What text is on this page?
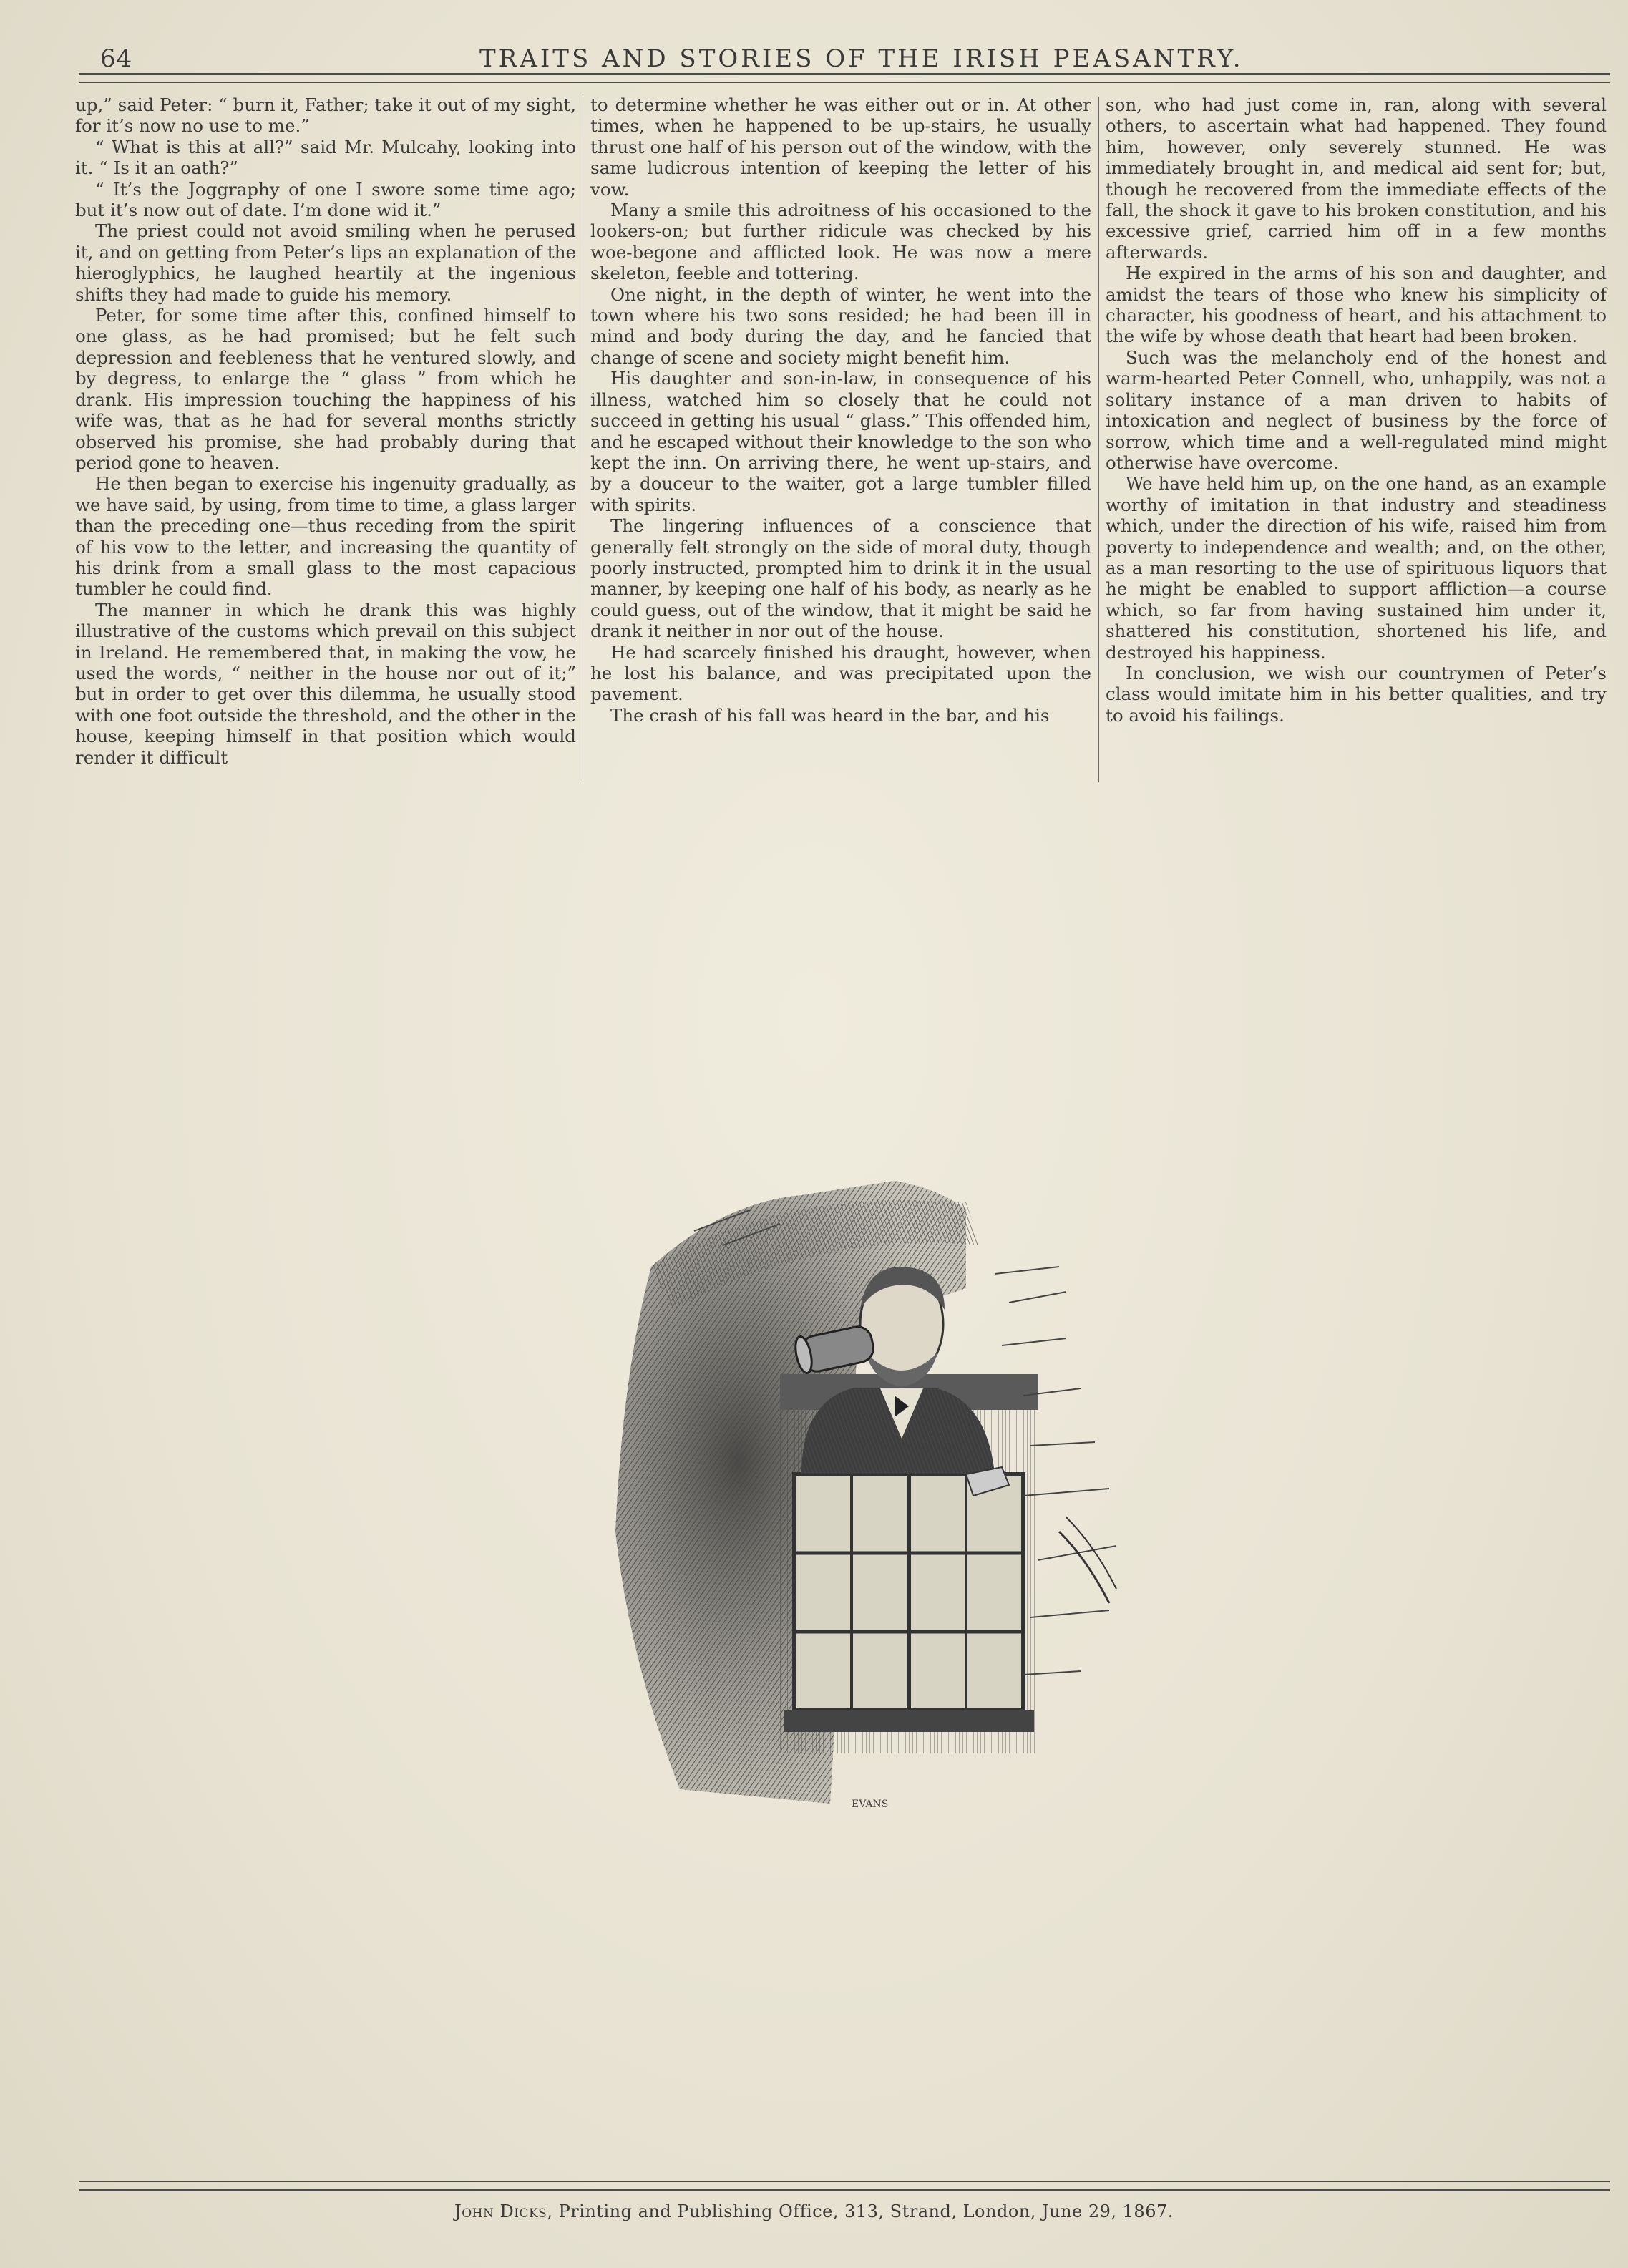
64	TRAITS AND STORIES OF THE IRISH PEASANTRY.

up,” said Peter: “ burn it, Father; take it out of my sight, for it’s now no use to me.”

“ What is this at all?” said Mr. Mulcahy, looking into it. “ Is it an oath?”

“ It’s the Joggraphy of one I swore some time ago; but it’s now out of date. I’m done wid it.”

The priest could not avoid smiling when he perused it, and on getting from Peter’s lips an explanation of the hieroglyphics, he laughed heartily at the ingenious shifts they had made to guide his memory.

Peter, for some time after this, confined himself to one glass, as he had promised; but he felt such depression and feebleness that he ventured slowly, and by degress, to enlarge the “ glass ” from which he drank. His impression touching the happiness of his wife was, that as he had for several months strictly observed his promise, she had probably during that period gone to heaven.

He then began to exercise his ingenuity gradually, as we have said, by using, from time to time, a glass larger than the preceding one—thus receding from the spirit of his vow to the letter, and increasing the quantity of his drink from a small glass to the most capacious tumbler he could find.

The manner in which he drank this was highly illustrative of the customs which prevail on this subject in Ireland. He remembered that, in making the vow, he used the words, “ neither in the house nor out of it;” but in order to get over this dilemma, he usually stood with one foot outside the threshold, and the other in the house, keeping himself in that position which would render it difficult

to determine whether he was either out or in. At other times, when he happened to be up-stairs, he usually thrust one half of his person out of the window, with the same ludicrous intention of keeping the letter of his vow.

Many a smile this adroitness of his occasioned to the lookers-on; but further ridicule was checked by his woe-begone and afflicted look. He was now a mere skeleton, feeble and tottering.

One night, in the depth of winter, he went into the town where his two sons resided; he had been ill in mind and body during the day, and he fancied that change of scene and society might benefit him.

His daughter and son-in-law, in consequence of his illness, watched him so closely that he could not succeed in getting his usual “ glass.” This offended him, and he escaped without their knowledge to the son who kept the inn. On arriving there, he went up-stairs, and by a douceur to the waiter, got a large tumbler filled with spirits.

The lingering influences of a conscience that generally felt strongly on the side of moral duty, though poorly instructed, prompted him to drink it in the usual manner, by keeping one half of his body, as nearly as he could guess, out of the window, that it might be said he drank it neither in nor out of the house.

He had scarcely finished his draught, however, when he lost his balance, and was precipitated upon the pavement.

The crash of his fall was heard in the bar, and his

son, who had just come in, ran, along with several others, to ascertain what had happened. They found him, however, only severely stunned. He was immediately brought in, and medical aid sent for; but, though he recovered from the immediate effects of the fall, the shock it gave to his broken constitution, and his excessive grief, carried him off in a few months afterwards.

He expired in the arms of his son and daughter, and amidst the tears of those who knew his simplicity of character, his goodness of heart, and his attachment to the wife by whose death that heart had been broken.

Such was the melancholy end of the honest and warm-hearted Peter Connell, who, unhappily, was not a solitary instance of a man driven to habits of intoxication and neglect of business by the force of sorrow, which time and a well-regulated mind might otherwise have overcome.

We have held him up, on the one hand, as an example worthy of imitation in that industry and steadiness which, under the direction of his wife, raised him from poverty to independence and wealth; and, on the other, as a man resorting to the use of spirituous liquors that he might be enabled to support affliction—a course which, so far from having sustained him under it, shattered his constitution, shortened his life, and destroyed his happiness.

In conclusion, we wish our countrymen of Peter’s class would imitate him in his better qualities, and try to avoid his failings.

EVANS
John Dicks, Printing and Publishing Office, 313, Strand, London, June 29, 1867.
